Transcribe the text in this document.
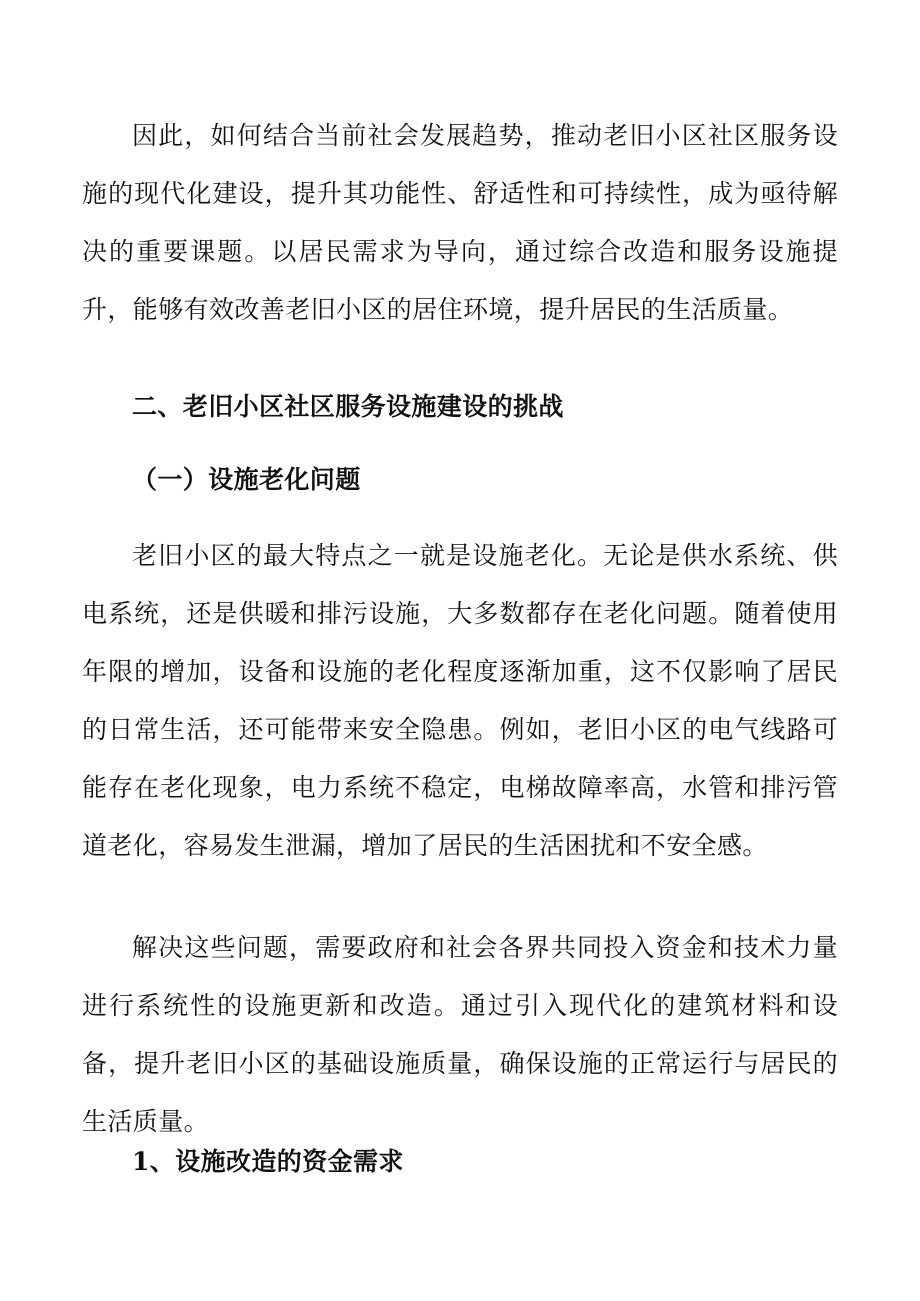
因此，如何结合当前社会发展趋势，推动老旧小区社区服务设施的现代化建设，提升其功能性、舒适性和可持续性，成为亟待解决的重要课题。以居民需求为导向，通过综合改造和服务设施提升，能够有效改善老旧小区的居住环境，提升居民的生活质量。

二、老旧小区社区服务设施建设的挑战
（一）设施老化问题

老旧小区的最大特点之一就是设施老化。无论是供水系统、供电系统，还是供暖和排污设施，大多数都存在老化问题。随着使用年限的增加，设备和设施的老化程度逐渐加重，这不仅影响了居民的日常生活，还可能带来安全隐患。例如，老旧小区的电气线路可能存在老化现象，电力系统不稳定，电梯故障率高，水管和排污管道老化，容易发生泄漏，增加了居民的生活困扰和不安全感。

解决这些问题，需要政府和社会各界共同投入资金和技术力量进行系统性的设施更新和改造。通过引入现代化的建筑材料和设备，提升老旧小区的基础设施质量，确保设施的正常运行与居民的生活质量。

1、设施改造的资金需求
